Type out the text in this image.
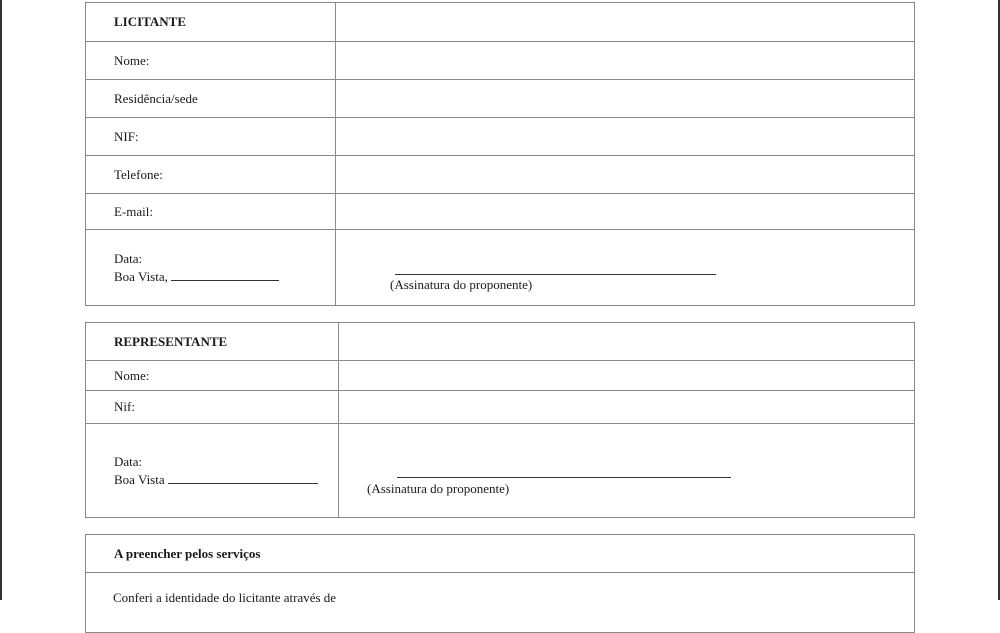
LICITANTE	
Nome:	
Residência/sede	
NIF:	
Telefone:	
E-mail:	

Data:
Boa Vista,	(Assinatura do proponente)
REPRESENTANTE	
Nome:	
Nif:	

Data:
Boa Vista	(Assinatura do proponente)
A preencher pelos serviços

Conferi a identidade do licitante através de
